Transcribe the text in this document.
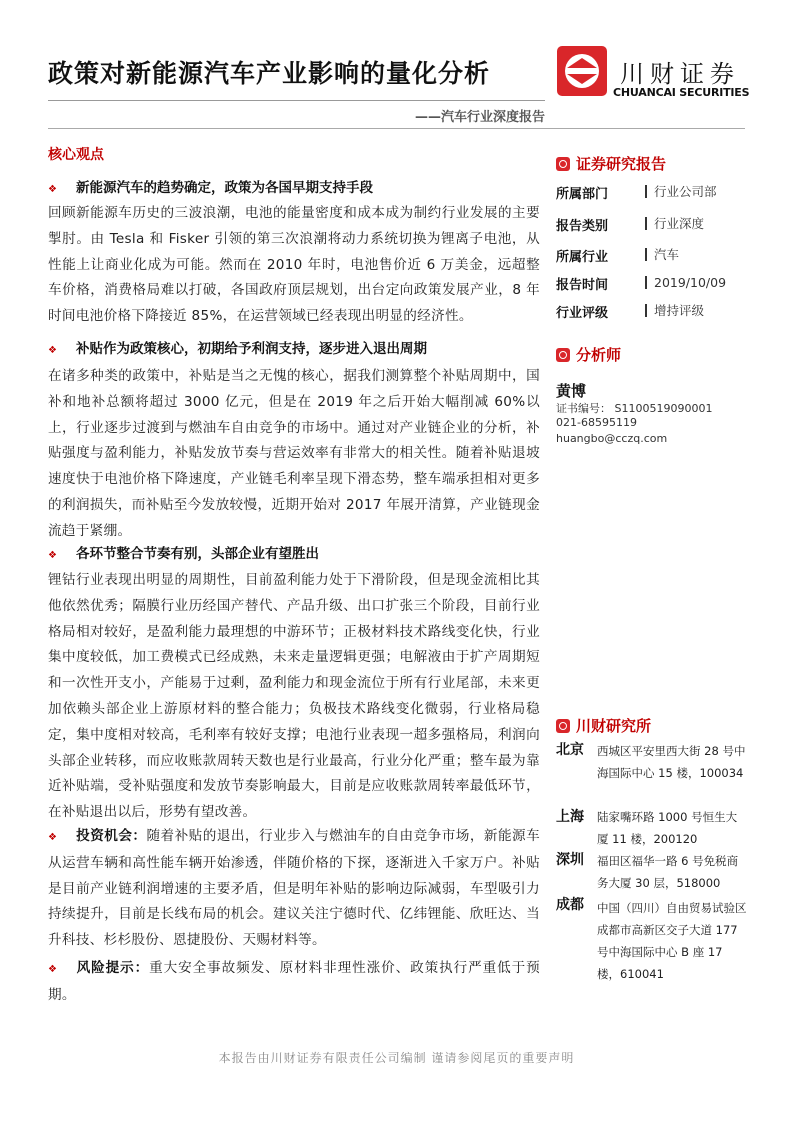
政策对新能源汽车产业影响的量化分析
——汽车行业深度报告
川财证券
CHUANCAI SECURITIES
核心观点
❖ 新能源汽车的趋势确定，政策为各国早期支持手段
回顾新能源车历史的三波浪潮，电池的能量密度和成本成为制约行业发展的主要掣肘。由 Tesla 和 Fisker 引领的第三次浪潮将动力系统切换为锂离子电池，从性能上让商业化成为可能。然而在 2010 年时，电池售价近 6 万美金，远超整车价格，消费格局难以打破，各国政府顶层规划，出台定向政策发展产业，8 年时间电池价格下降接近 85%，在运营领域已经表现出明显的经济性。
❖ 补贴作为政策核心，初期给予利润支持，逐步进入退出周期
在诸多种类的政策中，补贴是当之无愧的核心，据我们测算整个补贴周期中，国补和地补总额将超过 3000 亿元，但是在 2019 年之后开始大幅削减 60%以上，行业逐步过渡到与燃油车自由竞争的市场中。通过对产业链企业的分析，补贴强度与盈利能力，补贴发放节奏与营运效率有非常大的相关性。随着补贴退坡速度快于电池价格下降速度，产业链毛利率呈现下滑态势，整车端承担相对更多的利润损失，而补贴至今发放较慢，近期开始对 2017 年展开清算，产业链现金流趋于紧绷。
❖ 各环节整合节奏有别，头部企业有望胜出
锂钴行业表现出明显的周期性，目前盈利能力处于下滑阶段，但是现金流相比其他依然优秀；隔膜行业历经国产替代、产品升级、出口扩张三个阶段，目前行业格局相对较好，是盈利能力最理想的中游环节；正极材料技术路线变化快，行业集中度较低，加工费模式已经成熟，未来走量逻辑更强；电解液由于扩产周期短和一次性开支小，产能易于过剩，盈利能力和现金流位于所有行业尾部，未来更加依赖头部企业上游原材料的整合能力；负极技术路线变化微弱，行业格局稳定，集中度相对较高，毛利率有较好支撑；电池行业表现一超多强格局，利润向头部企业转移，而应收账款周转天数也是行业最高，行业分化严重；整车最为靠近补贴端，受补贴强度和发放节奏影响最大，目前是应收账款周转率最低环节，在补贴退出以后，形势有望改善。
❖ 投资机会：随着补贴的退出，行业步入与燃油车的自由竞争市场，新能源车从运营车辆和高性能车辆开始渗透，伴随价格的下探，逐渐进入千家万户。补贴是目前产业链利润增速的主要矛盾，但是明年补贴的影响边际减弱，车型吸引力持续提升，目前是长线布局的机会。建议关注宁德时代、亿纬锂能、欣旺达、当升科技、杉杉股份、恩捷股份、天赐材料等。
❖ 风险提示：重大安全事故频发、原材料非理性涨价、政策执行严重低于预期。
证券研究报告
所属部门	行业公司部
报告类别	行业深度
所属行业	汽车
报告时间	2019/10/09
行业评级	增持评级
分析师
黄博
证书编号： S1100519090001
021-68595119
huangbo@cczq.com
川财研究所
北京 西城区平安里西大街 28 号中海国际中心 15 楼，100034
上海 陆家嘴环路 1000 号恒生大厦 11 楼，200120
深圳 福田区福华一路 6 号免税商务大厦 30 层，518000
成都 中国（四川）自由贸易试验区成都市高新区交子大道 177 号中海国际中心 B 座 17 楼，610041
本报告由川财证券有限责任公司编制 谨请参阅尾页的重要声明
